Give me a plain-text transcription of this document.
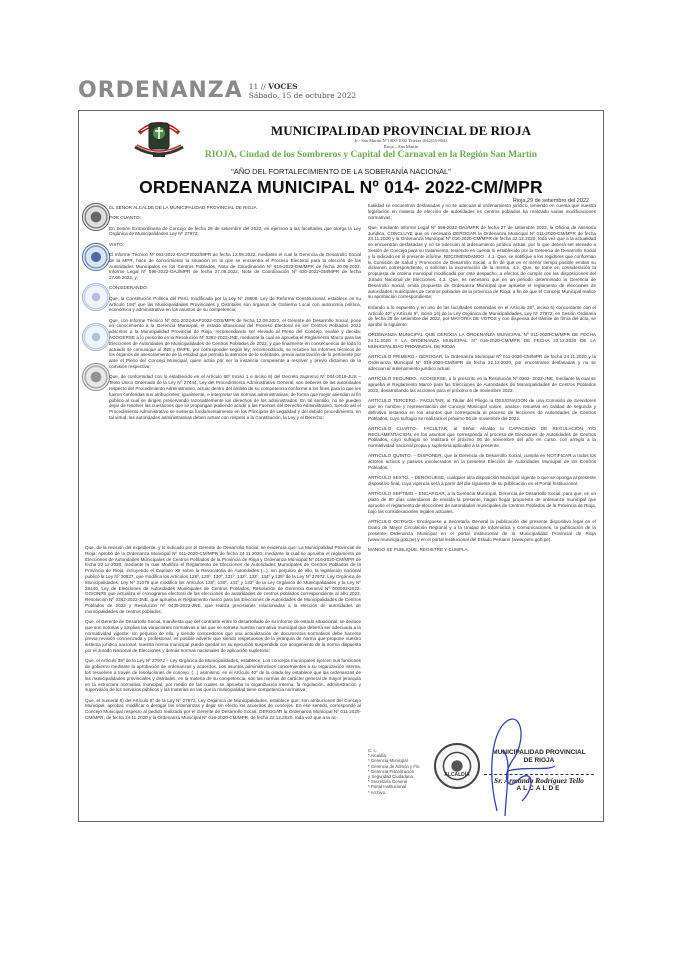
ORDENANZA 11 // VOCES
Sábado, 15 de octubre 2022
MUNICIPALIDAD PROVINCIAL DE RIOJA
Jr.- San Martín N°1000-1002 Telefax (042)55-8043
Rioja – San Martín
RIOJA, Ciudad de los Sombreros y Capital del Carnaval en la Región San Martín
"AÑO DEL FORTALECIMIENTO DE LA SOBERANÍA NACIONAL"
ORDENANZA MUNICIPAL Nº 014- 2022-CM/MPR
Rioja,29 de setiembre del 2022

EL SEÑOR ALCALDE DE LA MUNICIPALIDAD PROVINCIAL DE RIOJA

POR CUANTO:

En Sesión Extraordinaria de Concejo de fecha 28 de setiembre del 2022, en ejercicio a las facultades que otorga la Ley Orgánica de Municipalidades Ley Nº 27972;

VISTO:

El Informe Técnico Nº 001-2022-EACP2022/MPR de fecha 12.09.2022, mediante el cual la Gerencia de Desarrollo Social de la MPR, hace de conocimiento la situación en la que se encuentra el Proceso Electoral para la elección de las Autoridades Municipales en los Centros Poblados, Nota de Coordinación Nº 616-2022-GM/MPR de fecha 20.09.2022, Informe Legal Nº 596-2022-OAJ/MPR de fecha 27.09.2022; Nota de Coordinación Nº 630-2022-GM/MPR de fecha 27.09.2022, y,

CONSIDERANDO:

Que, la Constitución Política del Perú, modificada por la Ley Nº 28608, Ley de Reforma Constitucional, establece en su Artículo 194º que las Municipalidades Provinciales y Distritales son órganos de Gobierno Local con autonomía política, económica y administrativa en los asuntos de su competencia;

Que, con Informe Técnico Nº 001-2022-EAP2022-GDS/MPR de fecha 12.09.2022, el Gerente de Desarrollo Social, pone en conocimiento a la Gerencia Municipal, el estado situacional del Proceso Electoral en los Centros Poblados 2022 adscritos a la Municipalidad Provincial de Rioja, recomendando ser elevado al Pleno del Concejo, evalúe y decida: ACOGERSE a lo prescrito en la Resolución Nº 0362-2022-JNE, mediante la cual se aprueba el Reglamento Marco para las Elecciones de Autoridades de Municipalidades de Centros Poblados de 2022, y que finalmente en consecuencia de todo lo actuado se comunique al JNE y ONPE, por corresponder según ley; recomendando, se recaben los informes técnicos de los órganos de asesoramiento de la entidad que permita la atención de lo solicitado, previa autorización de lo pertinente por ante el Pleno del Concejo Municipal, quien actúa por ser la instancia competente a resolver y previo dictamen de la comisión respectiva;

Que, de conformidad con lo establecido en el Artículo 86º Inciso 1 e Inciso 8) del Decreto Supremo Nº 004-2019-JUS – Texto Único Ordenado de la Ley Nº 27444, Ley del Procedimiento Administrativo General, son deberes de las autoridades respecto del Procedimiento Administrativo, actuar dentro del ámbito de su competencia conforme a los fines para lo que les fueron conferidas sus atribuciones; igualmente, e interpretar las normas administrativas, de forma que mejor atiendan al fin público al cual se dirigen preservando razonablemente los derechos de los administrados. En tal sentido, no se pueden dejar de resolver las cuestiones que se propongan pudiendo acudir a las Fuentes del Derecho Administrativo. Siendo así el Procedimiento Administrativo se sustenta fundamentalmente en los Principios de Legalidad y del debido procedimiento, en tal virtud, las autoridades administrativas deben actuar con respeto a la Constitución, la Ley y el Derecho;

Que, de la revisión del expediente, y lo indicado por el Gerente de Desarrollo Social, se evidencia que: La Municipalidad Provincial de Rioja: Aprobó de la Ordenanza Municipal Nº 011-2020-CM/MPR de fecha 24.11.2020, mediante la cual se aprueba el reglamento de Elecciones de Autoridades Municipales de Centros Poblados de la Provincia de Rioja y Ordenanza Municipal Nº 016-2020-CM/MPR de fecha 22.12.2020, mediante la cual Modifica el Reglamento de Elecciones de Autoridades Municipales de Centros Poblados de la Provincia de Rioja, incluyendo el Capítulo XII sobre la Revocatoria de Autoridades (...), sin perjuicio de ello, la legislación nacional publicó la Ley Nº 30937, que modifica los Artículos 128º, 129º, 130º, 131º, 132º, 133º, 134º y 135º de la Ley Nº 27972, Ley Orgánica de Municipalidades, Ley Nº 31079 que modifica los Artículos 128º, 130º, 131º y 133º de la Ley Orgánica de Municipalidades y la Ley Nº 28440, Ley de Elecciones de Autoridades Municipales de Centros Poblados, Resolución de Gerencia General Nº 000003-2022-GG/ONPE que actualiza el cronograma electoral de las elecciones de autoridades de centros poblados correspondiente al año 2022, Resolución Nº 0362-2022-JNE, que aprueba el Reglamento marco para las Elecciones de Autoridades de Municipalidades de Centros Poblados de 2022 y Resolución Nº 0435-2022-JNE, que realiza precisiones relacionadas a la elección de autoridades de municipalidades de centros poblados;

Que, el Gerente de Desarrollo Social, manifiesta que del contraste entre lo desarrollado de su informe de estado situacional, se deduce que son notorias y amplias las variaciones normativas a las que se somete nuestra normativa municipal que debería ser adecuada a la normatividad vigente, sin perjuicio de ello, y siendo conocedores que una actualización de documentos normativos debe hacerse previa revisión concienzuda y profesional, es posible advertir que siendo respetuosos de la jerarquía de norma que propone nuestro sistema jurídico nacional, nuestra norma municipal puede quedar en su ejecución suspendida con acogimiento de la norma dispuesta por el Jurado Nacional de Elecciones y demás normas nacionales de aplicación supletoria;

Que, el Artículo 39º de la Ley Nº 27972 – Ley Orgánica de Municipalidades, establece; Los concejos municipales ejercen sus funciones de gobierno mediante la aprobación de ordenanzas y acuerdos. Los asuntos administrativos concernientes a su organización interna, los resuelven a través de resoluciones de concejo. (...) asimismo, en el Artículo 40º de la citada ley establece que las ordenanzas de las municipalidades provinciales y distritales, en la materia de su competencia, son las normas de carácter general de mayor jerarquía en la estructura normativa municipal, por medio de las cuales se aprueba la organización interna, la regulación, administración y supervisión de los servicios públicos y las materias en las que la municipalidad tiene competencia normativa;

Que, el numeral 8) del Artículo 9º de la Ley Nº 27972, Ley Orgánica de Municipalidades, establece que; son atribuciones del Concejo Municipal, aprobar, modificar o derogar las ordenanzas y dejar sin efecto los acuerdos de concejos. En ese sentido, corresponde al Concejo Municipal respecto al pedido realizado por el Gerente de Desarrollo Social, DEROGAR la Ordenanza Municipal Nº 011-2020-CM/MPR, de fecha 24.11.2020 y la Ordenanza Municipal Nº 016-2020-CM/MPR, de fecha 22.12.2020, toda vez que a la ac-

tualidad se encuentran desfasadas y no se adecuan al ordenamiento jurídico, teniendo en cuenta que nuestra legislación en materia de elección de autoridades en centros poblados ha realizado varias modificaciones normativas;

Que, mediante Informe Legal Nº 596-2022-OAJ/MPR de fecha 27 de setiembre 2022, la Oficina de Asesoría Jurídica, CONCLUYE que es necesario DEROGAR la Ordenanza Municipal Nº 011-2020-CM/MPR de fecha 24.11.2020 y la Ordenanza Municipal Nº 016-2020-CM/MPR de fecha 22.12.2020, toda vez que a la actualidad se encuentran desfasadas y no se adecuan al ordenamiento jurídico actual, por lo que deberá ser elevado a Sesión de Concejo para su tratamiento, teniendo en cuenta lo establecido por la Gerencia de Desarrollo Social y lo indicado en el presente informe. RECOMENDANDO : 4.1. Que, se notifique a los regidores que conforman la Comisión de Salud y Promoción de Desarrollo Social, a fin de que en el menor tiempo posible emitan su dictamen correspondiente, o soliciten la exoneración de la misma. 4.2. Que, se tome en consideración la propuesta de ordena municipal modificada por este despacho, a efectos de cumplir con las disposiciones del Jurado Nacional de Elecciones. 4.3. Que, es necesario que en un periodo determinado la Gerencia de Desarrollo Social, emita propuesta de Ordenanza Municipal que apruebe el reglamento de elecciones de autoridades municipales de centros poblados de la provincia de Rioja, a fin de que el Concejo Municipal realice su aprobación correspondiente;

Estando a lo expuesto y en uso de las facultades contenidas en el Artículo 20º, inciso 5) concordante con el Artículo 40º y Artículo 9º, inciso 14) de la Ley Orgánica de Municipalidades, Ley Nº 27972, en Sesión Ordinaria de fecha 28 de setiembre del 2022, por MAYORÍA DE VOTOS y con dispensa del trámite de firma del acta, se aprobó la siguiente:

ORDENANZA MUNICIPAL QUE DEROGA LA ORDENANZA MUNICIPAL Nº 011-2020-CM/MPR DE FECHA 24.11.2020 Y LA ORDENANZA MUNICIPAL Nº 016-2020-CM/MPR DE FECHA 22.12.2020 DE LA MUNICIPALIDAD PROVINCIAL DE RIOJA

ARTÍCULO PRIMERO.- DEROGAR, la Ordenanza Municipal Nº 011-2020-CM/MPR de fecha 24.11.2020 y la Ordenanza Municipal Nº 016-2020-CM/MPR de fecha 22.12.2020, por encontrarse desfasadas y no se adecuan al ordenamiento jurídico actual

ARTÍCULO SEGUNDO.- ACOGERSE, a lo prescrito en la Resolución Nº 0362- 2022-JNE, mediante la cual se aprueba el Reglamento Marco para las Elecciones de Autoridades de Municipalidades de Centros Poblados 2022, desarrollando las acciones para el próximo 6 de noviembre 2022.

ARTÍCULO TERCERO.- FACULTAR, al Titular del Pliego la DESIGNACIÓN de una Comisión de Servidores que en nombre y representación del Concejo Municipal valore, analice, resuelva en calidad de segunda y definitiva instancia en los asuntos que corresponda al proceso de lecciones de Autoridades de Centros Poblados, cuyo sufragio se realizará el próximo 06 de noviembre del 2022.

ARTÍCULO CUARTO.- FACULTAR, al Señor Alcalde la CAPACIDAD DE REGULACIÓN Y/O REGLAMENTACIÓN, en los asuntos que corresponda al proceso de Elecciones de Autoridades de Centros Poblados, cuyo sufragio se realizará el próximo 06 de noviembre del año en curso, con arreglo a la normatividad nacional propia y supletoria aplicable a la presente.

ARTÍCULO QUINTO. – DISPONER, que la Gerencia de Desarrollo Social, cumpla en NOTIFICAR a todos los actores activos y pasivos involucrados en la presente Elección de Autoridades Municipal de los Centros Poblados.

ARTÍCULO SEXTO. – DERÓGUESE, cualquier otra disposición Municipal vigente o que se oponga al presente dispositivo final, cuya vigencia será a partir del día siguiente de su publicación en el Portal Institucional.

ARTÍCULO SEPTIMO.– ENCARGAR, a la Gerencia Municipal, Gerencia de Desarrollo Social, para que, en un plazo de 90 días calendarios de emitida la presente, hagan llegar propuesta de ordenanza municipal que apruebe el reglamento de elecciones de autoridades municipales de Centros Poblados de la Provincia de Rioja, bajo las consideraciones legales actuales.

ARTÍCULO OCTAVO.- Encárguese a Secretaría General la publicación del presente dispositivo legal en el Diario de Mayor Circulación Regional y a la Unidad de Informática y Comunicaciones, la publicación de la presente Ordenanza Municipal en el portal institucional de la Municipalidad Provincial de Rioja (www.munirioja.gob.pe) y en el portal institucional del Estado Peruano (www.peru.gob.pe).

MANDO SE PUBLIQUE, REGISTRE Y CUMPLA.

C. c.
* Alcaldía.
* Gerencia Municipal
* Gerencia de Admón y Fin.
* Gerencia Fiscalización
y Seguridad Ciudadana.
* Secretaría General
* Portal Institucional
* Archivo.
ALCALDÍA
MUNICIPALIDAD PROVINCIAL
DE RIOJA
Sr. Armando Rodríguez Tello
ALCALDE
